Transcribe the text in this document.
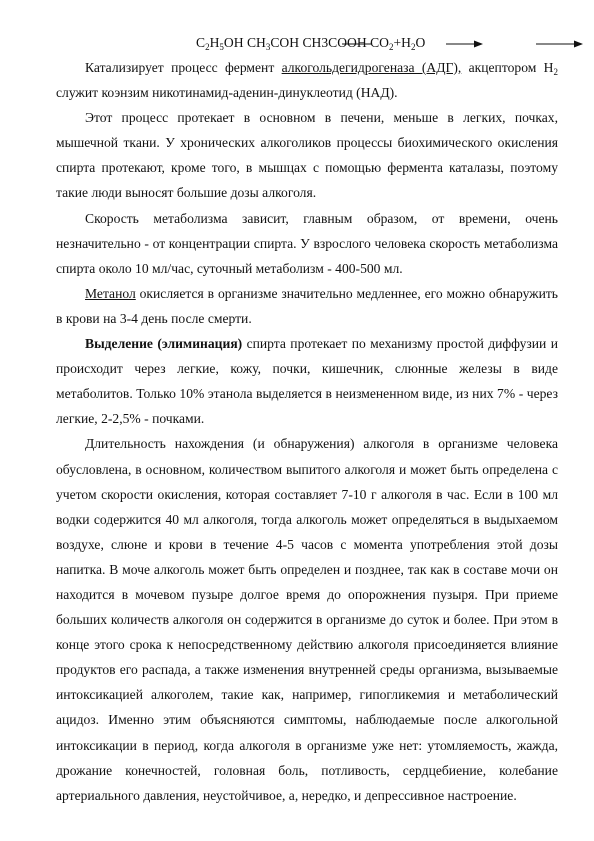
$C_2H_5OH$ $CH_3COH$ CH3COOH $CO_2+H_2O$

Катализирует процесс фермент алкогольдегидрогеназа (АДГ), акцептором $Н_2$ служит коэнзим никотинамид-аденин-динуклеотид (НАД).

Этот процесс протекает в основном в печени, меньше в легких, почках, мышечной ткани. У хронических алкоголиков процессы биохимического окисления спирта протекают, кроме того, в мышцах с помощью фермента каталазы, поэтому такие люди выносят большие дозы алкоголя.

Скорость метаболизма зависит, главным образом, от времени, очень незначительно - от концентрации спирта. У взрослого человека скорость метаболизма спирта около 10 мл/час, суточный метаболизм - 400-500 мл.

Метанол окисляется в организме значительно медленнее, его можно обнаружить в крови на 3-4 день после смерти.

Выделение (элиминация) спирта протекает по механизму простой диффузии и происходит через легкие, кожу, почки, кишечник, слюнные железы в виде метаболитов. Только 10% этанола выделяется в неизмененном виде, из них 7% - через легкие, 2-2,5% - почками.

Длительность нахождения (и обнаружения) алкоголя в организме человека обусловлена, в основном, количеством выпитого алкоголя и может быть определена с учетом скорости окисления, которая составляет 7-10 г алкоголя в час. Если в 100 мл водки содержится 40 мл алкоголя, тогда алкоголь может определяться в выдыхаемом воздухе, слюне и крови в течение 4-5 часов с момента употребления этой дозы напитка. В моче алкоголь может быть определен и позднее, так как в составе мочи он находится в мочевом пузыре долгое время до опорожнения пузыря. При приеме больших количеств алкоголя он содержится в организме до суток и более. При этом в конце этого срока к непосредственному действию алкоголя присоединяется влияние продуктов его распада, а также изменения внутренней среды организма, вызываемые интоксикацией алкоголем, такие как, например, гипогликемия и метаболический ацидоз. Именно этим объясняются симптомы, наблюдаемые после алкогольной интоксикации в период, когда алкоголя в организме уже нет: утомляемость, жажда, дрожание конечностей, головная боль, потливость, сердцебиение, колебание артериального давления, неустойчивое, а, нередко, и депрессивное настроение.
